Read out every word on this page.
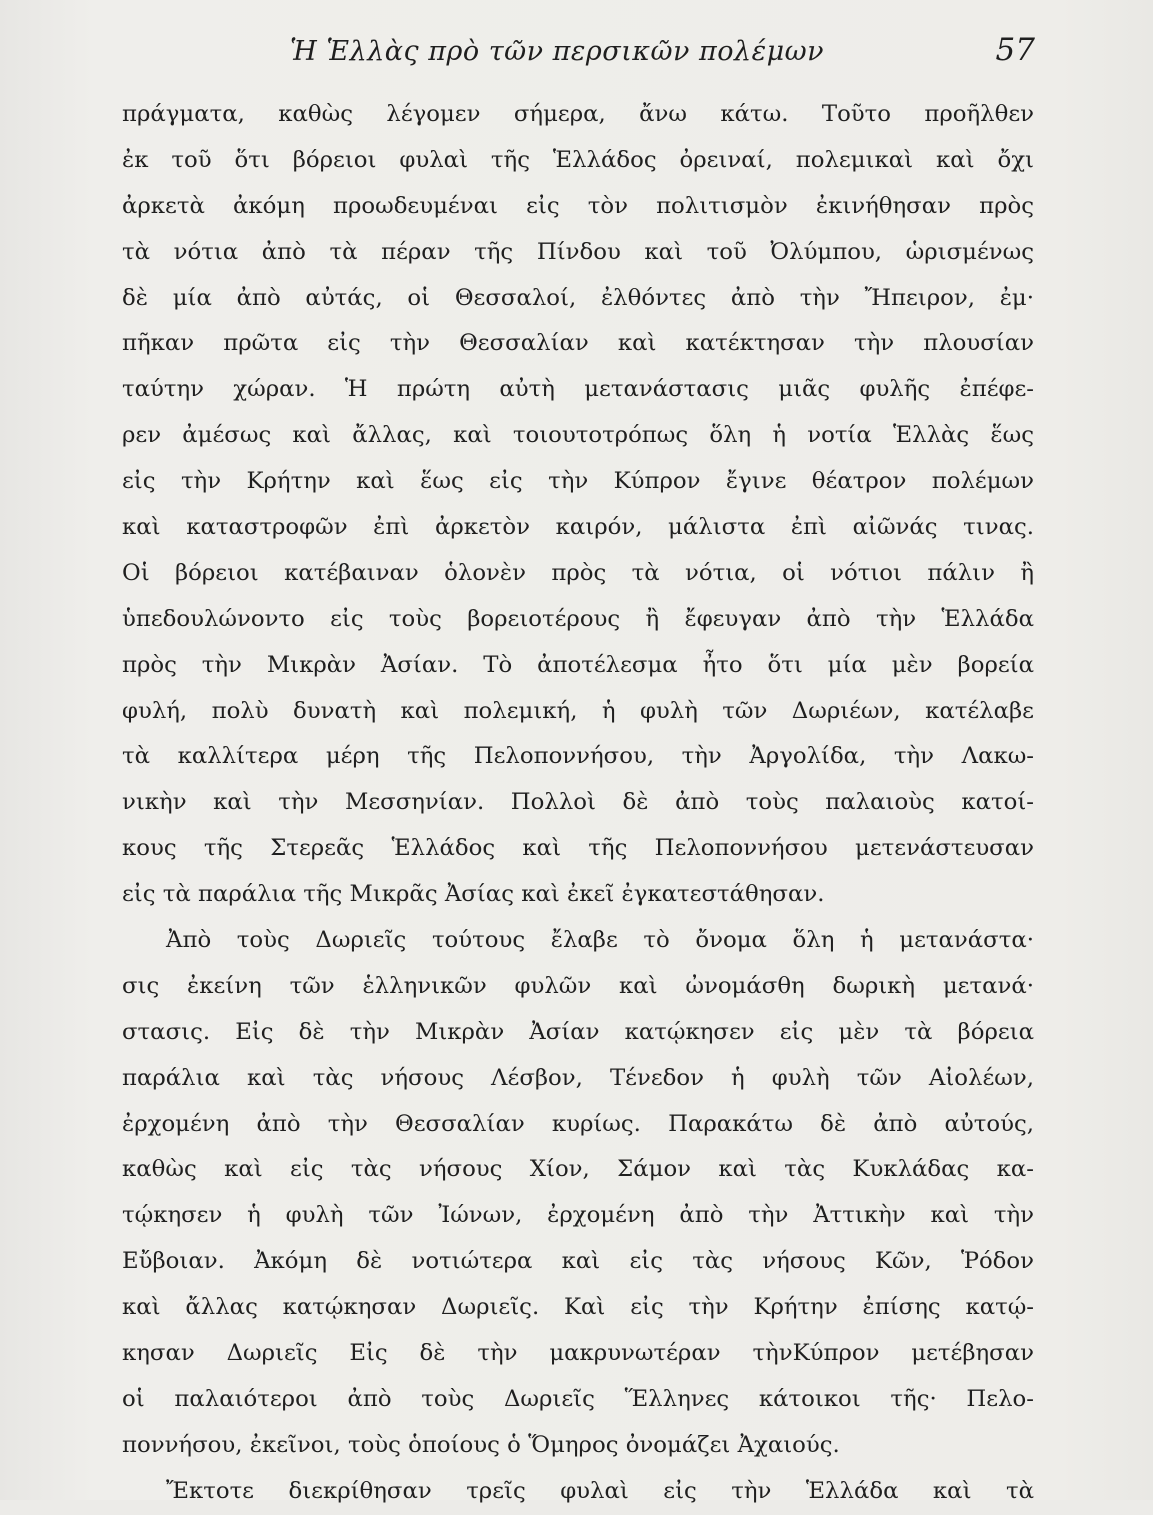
Ἡ Ἑλλὰς πρὸ τῶν περσικῶν πολέμων	57
πράγματα, καθὼς λέγομεν σήμερα, ἄνω κάτω. Τοῦτο προῆλθεν
ἐκ τοῦ ὅτι βόρειοι φυλαὶ τῆς Ἑλλάδος ὀρειναί, πολεμικαὶ καὶ ὄχι
ἀρκετὰ ἀκόμη προωδευμέναι εἰς τὸν πολιτισμὸν ἐκινήθησαν πρὸς
τὰ νότια ἀπὸ τὰ πέραν τῆς Πίνδου καὶ τοῦ Ὀλύμπου, ὡρισμένως
δὲ μία ἀπὸ αὐτάς, οἱ Θεσσαλοί, ἐλθόντες ἀπὸ τὴν Ἤπειρον, ἐμ·
πῆκαν πρῶτα εἰς τὴν Θεσσαλίαν καὶ κατέκτησαν τὴν πλουσίαν
ταύτην χώραν. Ἡ πρώτη αὐτὴ μετανάστασις μιᾶς φυλῆς ἐπέφε-
ρεν ἀμέσως καὶ ἄλλας, καὶ τοιουτοτρόπως ὅλη ἡ νοτία Ἑλλὰς ἕως
εἰς τὴν Κρήτην καὶ ἕως εἰς τὴν Κύπρον ἔγινε θέατρον πολέμων
καὶ καταστροφῶν ἐπὶ ἀρκετὸν καιρόν, μάλιστα ἐπὶ αἰῶνάς τινας.
Οἱ βόρειοι κατέβαιναν ὁλονὲν πρὸς τὰ νότια, οἱ νότιοι πάλιν ἢ
ὑπεδουλώνοντο εἰς τοὺς βορειοτέρους ἢ ἔφευγαν ἀπὸ τὴν Ἑλλάδα
πρὸς τὴν Μικρὰν Ἀσίαν. Τὸ ἀποτέλεσμα ἦτο ὅτι μία μὲν βορεία
φυλή, πολὺ δυνατὴ καὶ πολεμική, ἡ φυλὴ τῶν Δωριέων, κατέλαβε
τὰ καλλίτερα μέρη τῆς Πελοποννήσου, τὴν Ἀργολίδα, τὴν Λακω-
νικὴν καὶ τὴν Μεσσηνίαν. Πολλοὶ δὲ ἀπὸ τοὺς παλαιοὺς κατοί-
κους τῆς Στερεᾶς Ἑλλάδος καὶ τῆς Πελοποννήσου μετενάστευσαν
εἰς τὰ παράλια τῆς Μικρᾶς Ἀσίας καὶ ἐκεῖ ἐγκατεστάθησαν.
Ἀπὸ τοὺς Δωριεῖς τούτους ἔλαβε τὸ ὄνομα ὅλη ἡ μετανάστα·
σις ἐκείνη τῶν ἑλληνικῶν φυλῶν καὶ ὠνομάσθη δωρικὴ μετανά·
στασις. Εἰς δὲ τὴν Μικρὰν Ἀσίαν κατῴκησεν εἰς μὲν τὰ βόρεια
παράλια καὶ τὰς νήσους Λέσβον, Τένεδον ἡ φυλὴ τῶν Αἰολέων,
ἐρχομένη ἀπὸ τὴν Θεσσαλίαν κυρίως. Παρακάτω δὲ ἀπὸ αὐτούς,
καθὼς καὶ εἰς τὰς νήσους Χίον, Σάμον καὶ τὰς Κυκλάδας κα-
τῴκησεν ἡ φυλὴ τῶν Ἰώνων, ἐρχομένη ἀπὸ τὴν Ἀττικὴν καὶ τὴν
Εὔβοιαν. Ἀκόμη δὲ νοτιώτερα καὶ εἰς τὰς νήσους Κῶν, Ῥόδον
καὶ ἄλλας κατῴκησαν Δωριεῖς. Καὶ εἰς τὴν Κρήτην ἐπίσης κατῴ-
κησαν Δωριεῖς Εἰς δὲ τὴν μακρυνωτέραν τὴνΚύπρον μετέβησαν
οἱ παλαιότεροι ἀπὸ τοὺς Δωριεῖς Ἕλληνες κάτοικοι τῆς· Πελο-
ποννήσου, ἐκεῖνοι, τοὺς ὁποίους ὁ Ὅμηρος ὀνομάζει Ἀχαιούς.
Ἔκτοτε διεκρίθησαν τρεῖς φυλαὶ εἰς τὴν Ἑλλάδα καὶ τὰ
